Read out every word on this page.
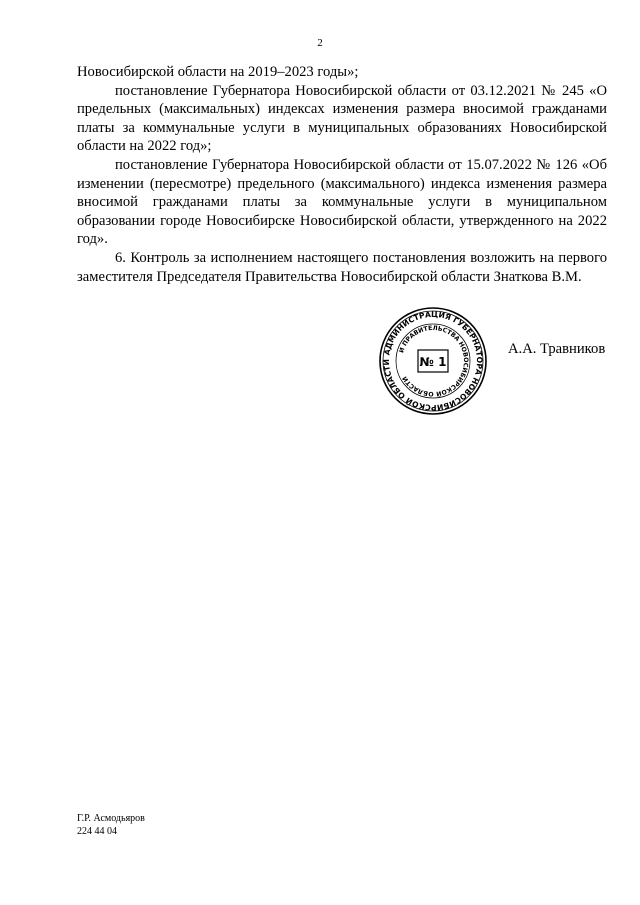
2

Новосибирской области на 2019–2023 годы»;

постановление Губернатора Новосибирской области от 03.12.2021 № 245 «О предельных (максимальных) индексах изменения размера вносимой гражданами платы за коммунальные услуги в муниципальных образованиях Новосибирской области на 2022 год»;

постановление Губернатора Новосибирской области от 15.07.2022 № 126 «Об изменении (пересмотре) предельного (максимального) индекса изменения размера вносимой гражданами платы за коммунальные услуги в муниципальном образовании городе Новосибирске Новосибирской области, утвержденного на 2022 год».

6. Контроль за исполнением настоящего постановления возложить на первого заместителя Председателя Правительства Новосибирской области Знаткова В.М.

АДМИНИСТРАЦИЯ ГУБЕРНАТОРА НОВОСИБИРСКОЙ ОБЛАСТИ
И ПРАВИТЕЛЬСТВА НОВОСИБИРСКОЙ ОБЛАСТИ
№ 1
А.А. Травников
Г.Р. Асмодьяров
224 44 04
